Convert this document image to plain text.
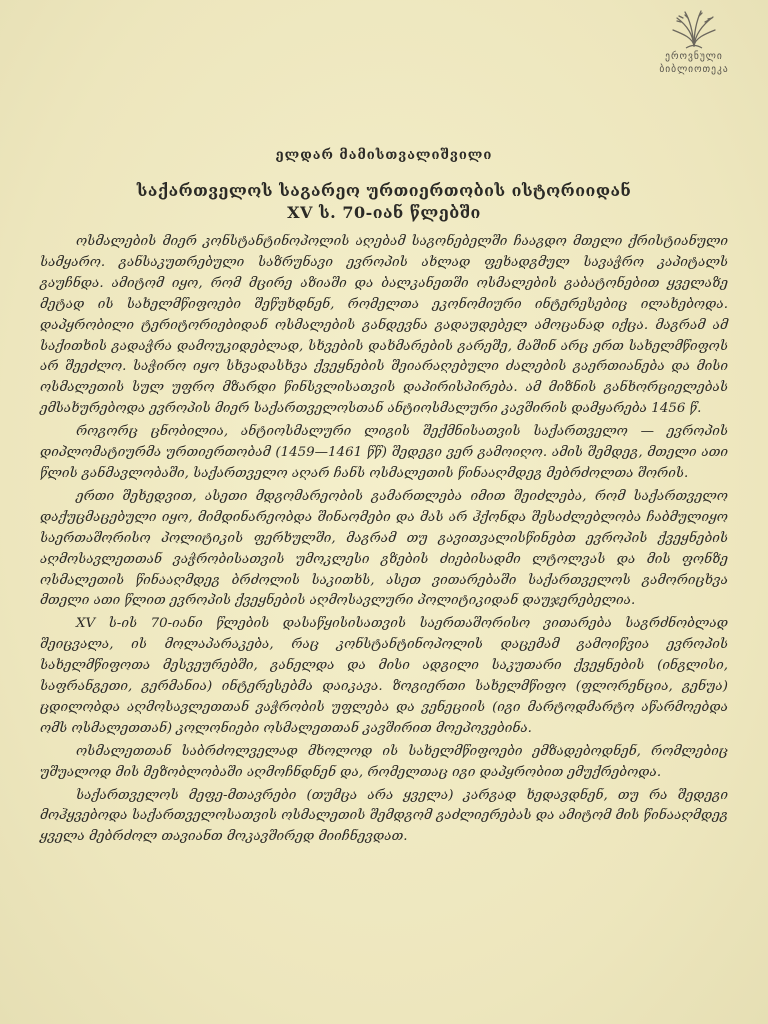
ეროვნული
ბიბლიოთეკა
ელდარ მამისთვალიშვილი
საქართველოს საგარეო ურთიერთობის ისტორიიდან
XV ს. 70-იან წლებში

ოსმალების მიერ კონსტანტინოპოლის აღებამ საგონებელში ჩააგდო მთელი ქრისტიანული სამყარო. განსაკუთრებული საზრუნავი ევროპის ახლად ფეხადგმულ სავაჭრო კაპიტალს გაუჩნდა. ამიტომ იყო, რომ მცირე აზიაში და ბალკანეთში ოსმალების გაბატონებით ყველაზე მეტად ის სახელმწიფოები შეწუხდნენ, რომელთა ეკონომიური ინტერესებიც ილახებოდა. დაპყრობილი ტერიტორიებიდან ოსმალების განდევნა გადაუდებელ ამოცანად იქცა. მაგრამ ამ საქითხის გადაჭრა დამოუკიდებლად, სხვების დახმარების გარეშე, მაშინ არც ერთ სახელმწიფოს არ შეეძლო. საჭირო იყო სხვადასხვა ქვეყნების შეიარაღებული ძალების გაერთიანება და მისი ოსმალეთის სულ უფრო მზარდი წინსვლისათვის დაპირისპირება. ამ მიზნის განხორციელებას ემსახურებოდა ევროპის მიერ საქართველოსთან ანტიოსმალური კავშირის დამყარება 1456 წ.

როგორც ცნობილია, ანტიოსმალური ლიგის შექმნისათვის საქართველო — ევროპის დიპლომატიურმა ურთიერთობამ (1459—1461 წწ) შედეგი ვერ გამოიღო. ამის შემდეგ, მთელი ათი წლის განმავლობაში, საქართველო აღარ ჩანს ოსმალეთის წინააღმდეგ მებრძოლთა შორის.

ერთი შეხედვით, ასეთი მდგომარეობის გამართლება იმით შეიძლება, რომ საქართველო დაქუცმაცებული იყო, მიმდინარეობდა შინაომები და მას არ ჰქონდა შესაძლებლობა ჩაბმულიყო საერთაშორისო პოლიტიკის ფერხულში, მაგრამ თუ გავითვალისწინებთ ევროპის ქვეყნების აღმოსავლეთთან ვაჭრობისათვის უმოკლესი გზების ძიებისადმი ლტოლვას და მის ფონზე ოსმალეთის წინააღმდეგ ბრძოლის საკითხს, ასეთ ვითარებაში საქართველოს გამორიცხვა მთელი ათი წლით ევროპის ქვეყნების აღმოსავლური პოლიტიკიდან დაუჯერებელია.

XV ს-ის 70-იანი წლების დასაწყისისათვის საერთაშორისო ვითარება საგრძნობლად შეიცვალა, ის მოლაპარაკება, რაც კონსტანტინოპოლის დაცემამ გამოიწვია ევროპის სახელმწიფოთა მესვეურებში, განელდა და მისი ადგილი საკუთარი ქვეყნების (ინგლისი, საფრანგეთი, გერმანია) ინტერესებმა დაიკავა. ზოგიერთი სახელმწიფო (ფლორენცია, გენუა) ცდილობდა აღმოსავლეთთან ვაჭრობის უფლება და ვენეციის (იგი მარტოდმარტო აწარმოებდა ომს ოსმალეთთან) კოლონიები ოსმალეთთან კავშირით მოეპოვებინა.

ოსმალეთთან საბრძოლველად მხოლოდ ის სახელმწიფოები ემზადებოდნენ, რომლებიც უშუალოდ მის მეზობლობაში აღმოჩნდნენ და, რომელთაც იგი დაპყრობით ემუქრებოდა.

საქართველოს მეფე-მთავრები (თუმცა არა ყველა) კარგად ხედავდნენ, თუ რა შედეგი მოჰყვებოდა საქართველოსათვის ოსმალეთის შემდგომ გაძლიერებას და ამიტომ მის წინააღმდეგ ყველა მებრძოლ თავიანთ მოკავშირედ მიიჩნევდათ.
